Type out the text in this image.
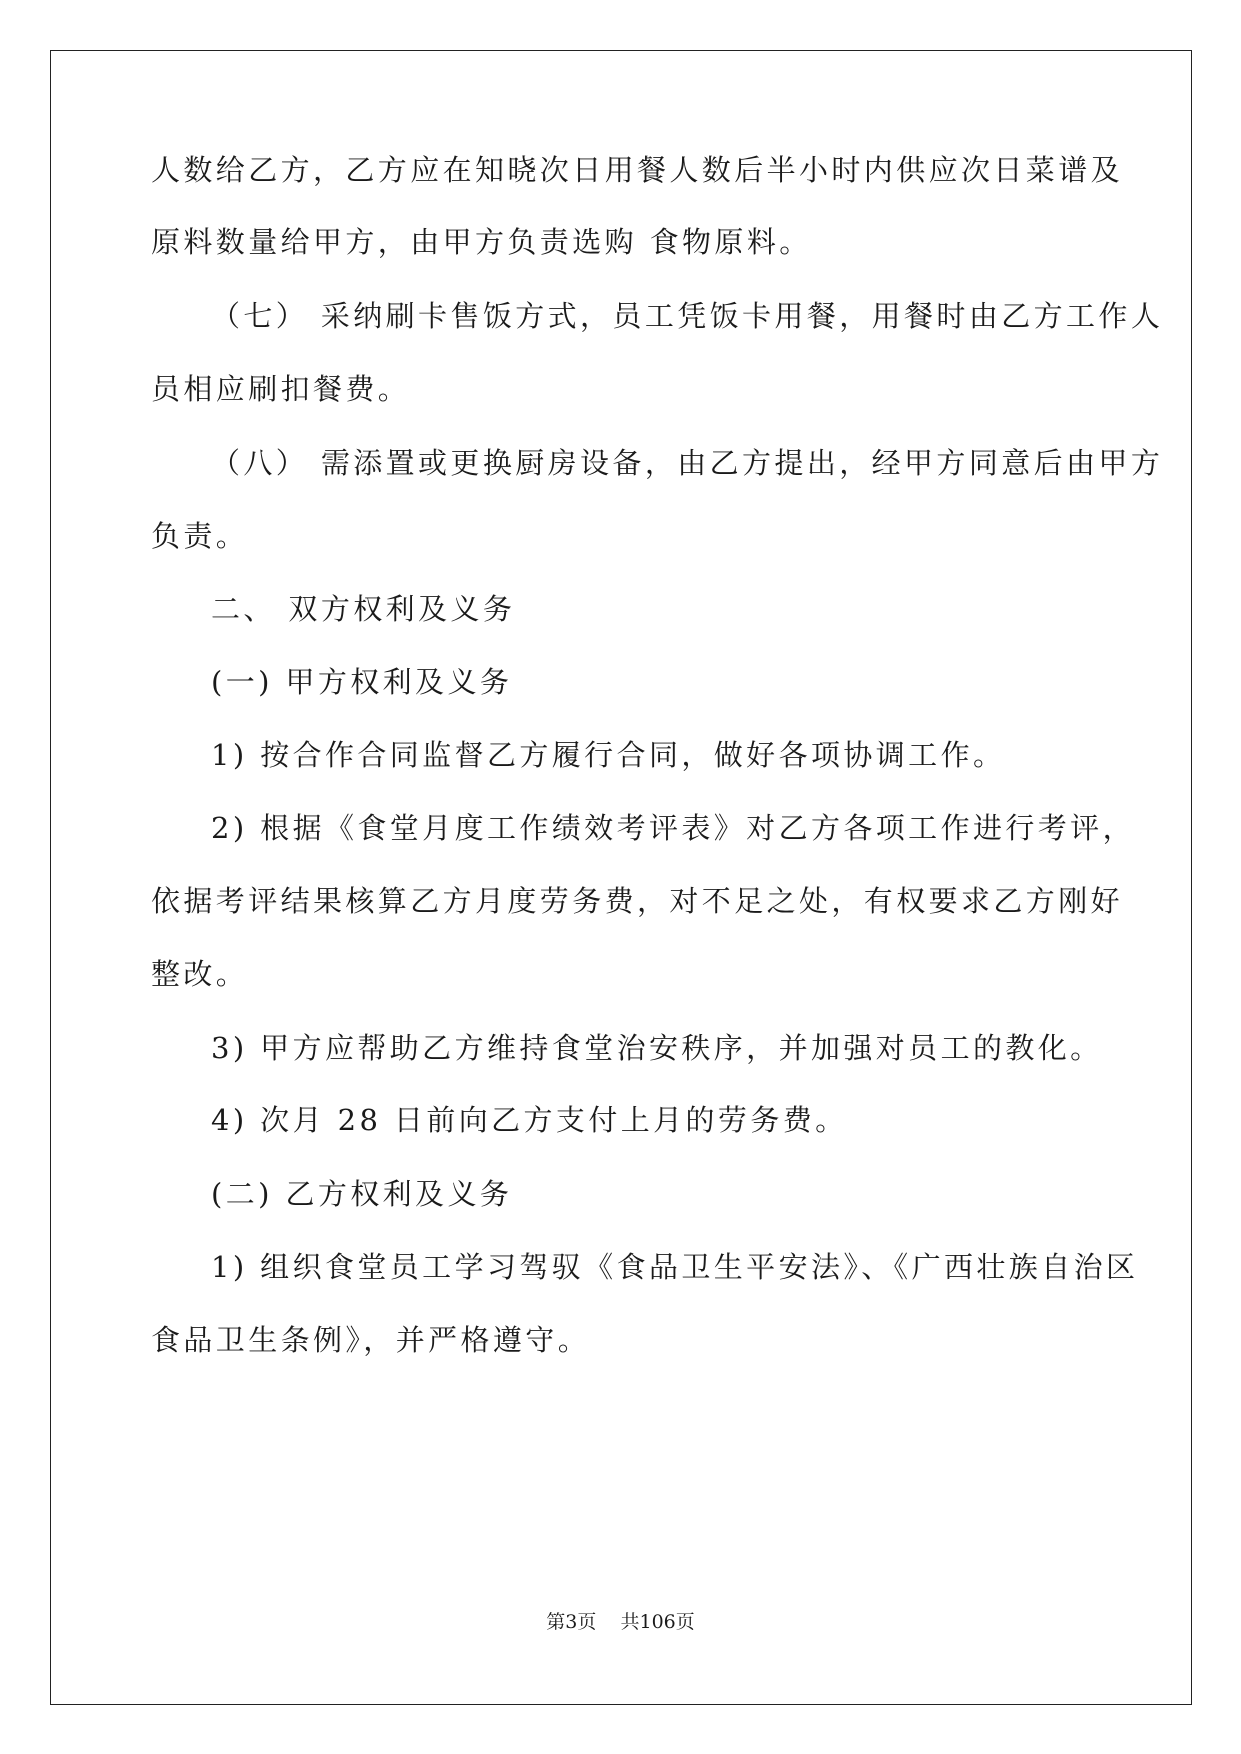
人数给乙方，乙方应在知晓次日用餐人数后半小时内供应次日菜谱及
原料数量给甲方，由甲方负责选购 食物原料。
（七） 采纳刷卡售饭方式，员工凭饭卡用餐，用餐时由乙方工作人
员相应刷扣餐费。
（八） 需添置或更换厨房设备，由乙方提出，经甲方同意后由甲方
负责。
二、 双方权利及义务
(一) 甲方权利及义务
1) 按合作合同监督乙方履行合同，做好各项协调工作。
2) 根据《食堂月度工作绩效考评表》对乙方各项工作进行考评，
依据考评结果核算乙方月度劳务费，对不足之处，有权要求乙方刚好
整改。
3) 甲方应帮助乙方维持食堂治安秩序，并加强对员工的教化。
4) 次月 28 日前向乙方支付上月的劳务费。
(二) 乙方权利及义务
1) 组织食堂员工学习驾驭《食品卫生平安法》、《广西壮族自治区
食品卫生条例》，并严格遵守。
第3页 共106页
